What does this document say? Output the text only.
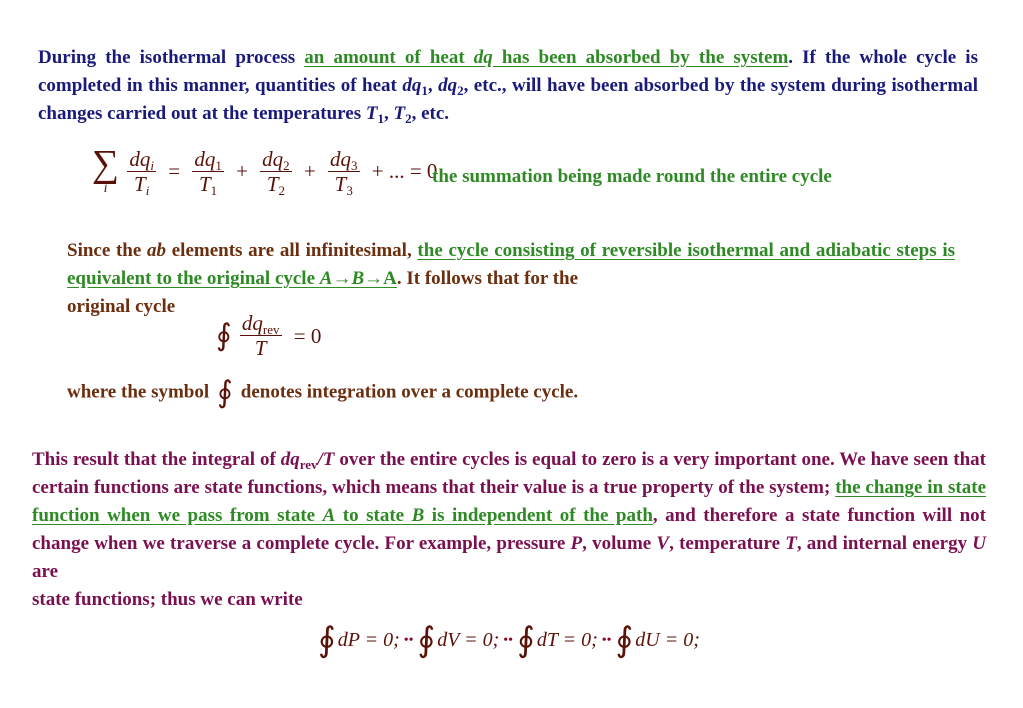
During the isothermal process an amount of heat dq has been absorbed by the system. If the whole cycle is completed in this manner, quantities of heat $dq_1$, $dq_2$, etc., will have been absorbed by the system during isothermal changes carried out at the temperatures $T_1$, $T_2$, etc.
∑
i
$\frac{dq_i}{T_i} = \frac{dq_1}{T_1} + \frac{dq_2}{T_2} + \frac{dq_3}{T_3}$ + ... = 0
the summation being made round the entire cycle
Since the ab elements are all infinitesimal, the cycle consisting of reversible isothermal and adiabatic steps is equivalent to the original cycle A→B→A. It follows that for the
original cycle
∮ $\frac{dq_{rev}}{T} = 0$
where the symbol ∮ denotes integration over a complete cycle.
This result that the integral of $dq_{rev}/T$ over the entire cycles is equal to zero is a very important one. We have seen that certain functions are state functions, which means that their value is a true property of the system; the change in state function when we pass from state A to state B is independent of the path, and therefore a state function will not change when we traverse a complete cycle. For example, pressure P, volume V, temperature T, and internal energy U are
state functions; thus we can write
∮ dP = 0; •• ∮ dV = 0; •• ∮ dT = 0; •• ∮ dU = 0;
